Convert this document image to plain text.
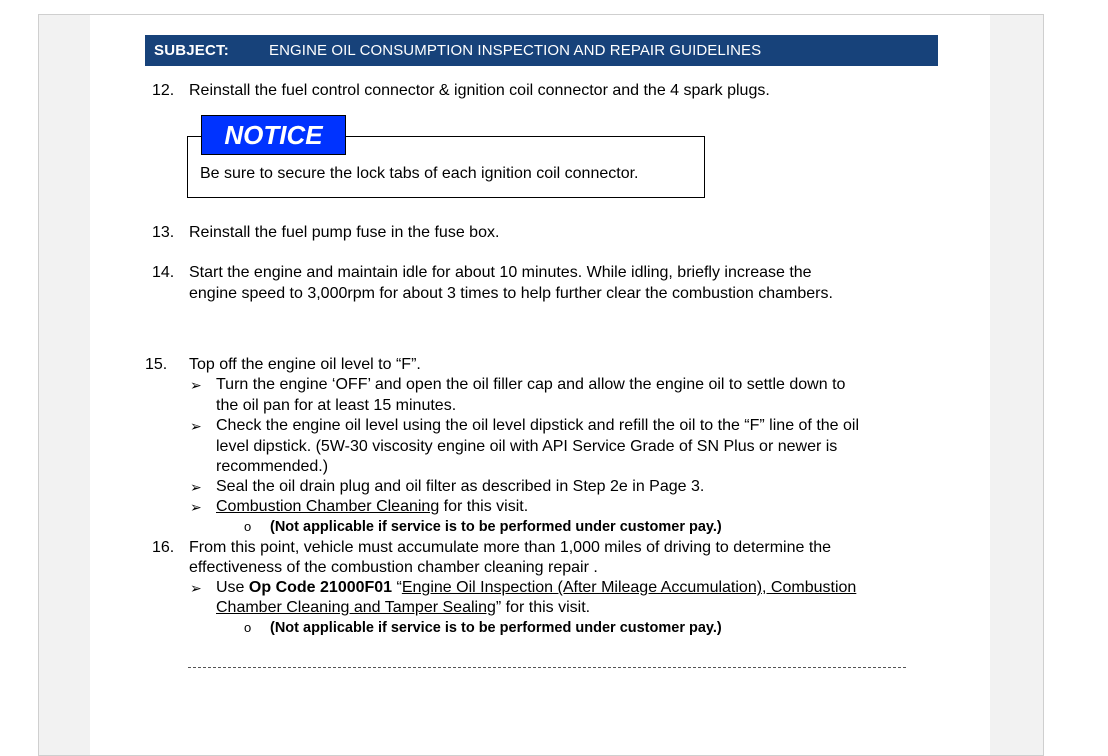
SUBJECT:	ENGINE OIL CONSUMPTION INSPECTION AND REPAIR GUIDELINES
12. Reinstall the fuel control connector & ignition coil connector and the 4 spark plugs.
NOTICE
Be sure to secure the lock tabs of each ignition coil connector.
13. Reinstall the fuel pump fuse in the fuse box.
14. Start the engine and maintain idle for about 10 minutes. While idling, briefly increase the
engine speed to 3,000rpm for about 3 times to help further clear the combustion chambers.
15. Top off the engine oil level to “F”.
➢ Turn the engine ‘OFF’ and open the oil filler cap and allow the engine oil to settle down to
the oil pan for at least 15 minutes.
➢ Check the engine oil level using the oil level dipstick and refill the oil to the “F” line of the oil
level dipstick. (5W-30 viscosity engine oil with API Service Grade of SN Plus or newer is
recommended.)
➢ Seal the oil drain plug and oil filter as described in Step 2e in Page 3.
➢ Combustion Chamber Cleaning for this visit.
o (Not applicable if service is to be performed under customer pay.)
16. From this point, vehicle must accumulate more than 1,000 miles of driving to determine the
effectiveness of the combustion chamber cleaning repair .
➢ Use Op Code 21000F01 “Engine Oil Inspection (After Mileage Accumulation), Combustion
Chamber Cleaning and Tamper Sealing” for this visit.
o (Not applicable if service is to be performed under customer pay.)
